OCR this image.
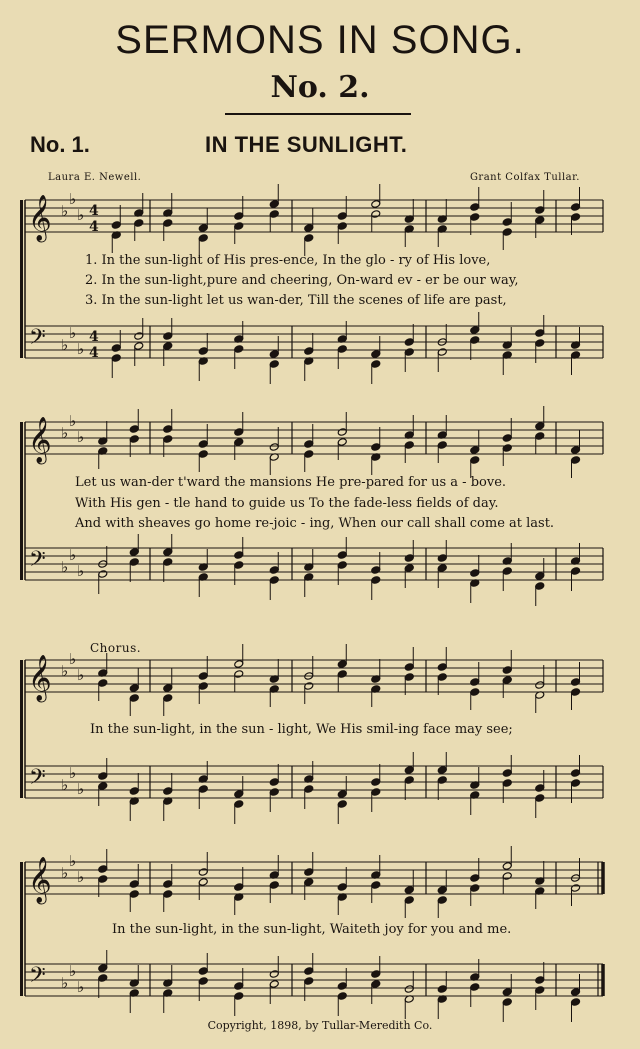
SERMONS IN SONG.
No. 2.
No. 1.	IN THE SUNLIGHT.
Laura E. Newell.	Grant Colfax Tullar.
𝄞
𝄢
♭
♭
♭
♭
♭
♭
4
4
4
4
𝄞
𝄢
♭
♭
♭
♭
♭
♭
𝄞
𝄢
♭
♭
♭
♭
♭
♭
𝄞
𝄢
♭
♭
♭
♭
♭
♭
1. In the sun-light of His pres-ence, In the glo - ry of His love,
2. In the sun-light,pure and cheering, On-ward ev - er be our way,
3. In the sun-light let us wan-der, Till the scenes of life are past,
Let us wan-der t'ward the mansions He pre-pared for us a - bove.
With His gen - tle hand to guide us To the fade-less fields of day.
And with sheaves go home re-joic - ing, When our call shall come at last.
Chorus.
In the sun-light, in the sun - light, We His smil-ing face may see;
In the sun-light, in the sun-light, Waiteth joy for you and me.
Copyright, 1898, by Tullar-Meredith Co.
